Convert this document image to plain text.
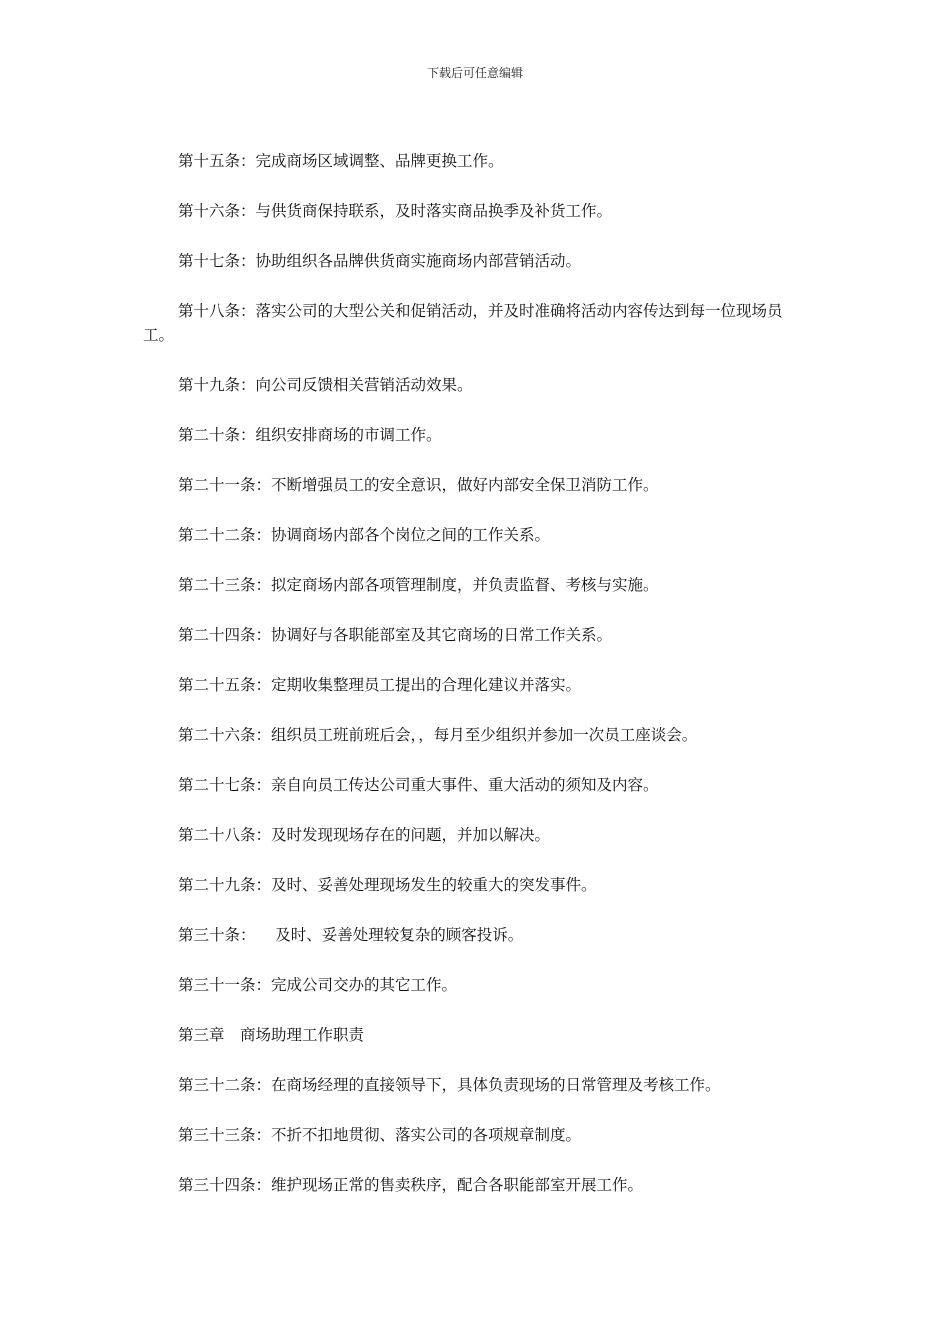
下载后可任意编辑

第十五条：完成商场区域调整、品牌更换工作。

第十六条：与供货商保持联系，及时落实商品换季及补货工作。

第十七条：协助组织各品牌供货商实施商场内部营销活动。

第十八条：落实公司的大型公关和促销活动，并及时准确将活动内容传达到每一位现场员工。

第十九条：向公司反馈相关营销活动效果。

第二十条：组织安排商场的市调工作。

第二十一条：不断增强员工的安全意识，做好内部安全保卫消防工作。

第二十二条：协调商场内部各个岗位之间的工作关系。

第二十三条：拟定商场内部各项管理制度，并负责监督、考核与实施。

第二十四条：协调好与各职能部室及其它商场的日常工作关系。

第二十五条：定期收集整理员工提出的合理化建议并落实。

第二十六条：组织员工班前班后会，，每月至少组织并参加一次员工座谈会。

第二十七条：亲自向员工传达公司重大事件、重大活动的须知及内容。

第二十八条：及时发现现场存在的问题，并加以解决。

第二十九条：及时、妥善处理现场发生的较重大的突发事件。

第三十条：    及时、妥善处理较复杂的顾客投诉。

第三十一条：完成公司交办的其它工作。

第三章　商场助理工作职责

第三十二条：在商场经理的直接领导下，具体负责现场的日常管理及考核工作。

第三十三条：不折不扣地贯彻、落实公司的各项规章制度。

第三十四条：维护现场正常的售卖秩序，配合各职能部室开展工作。
